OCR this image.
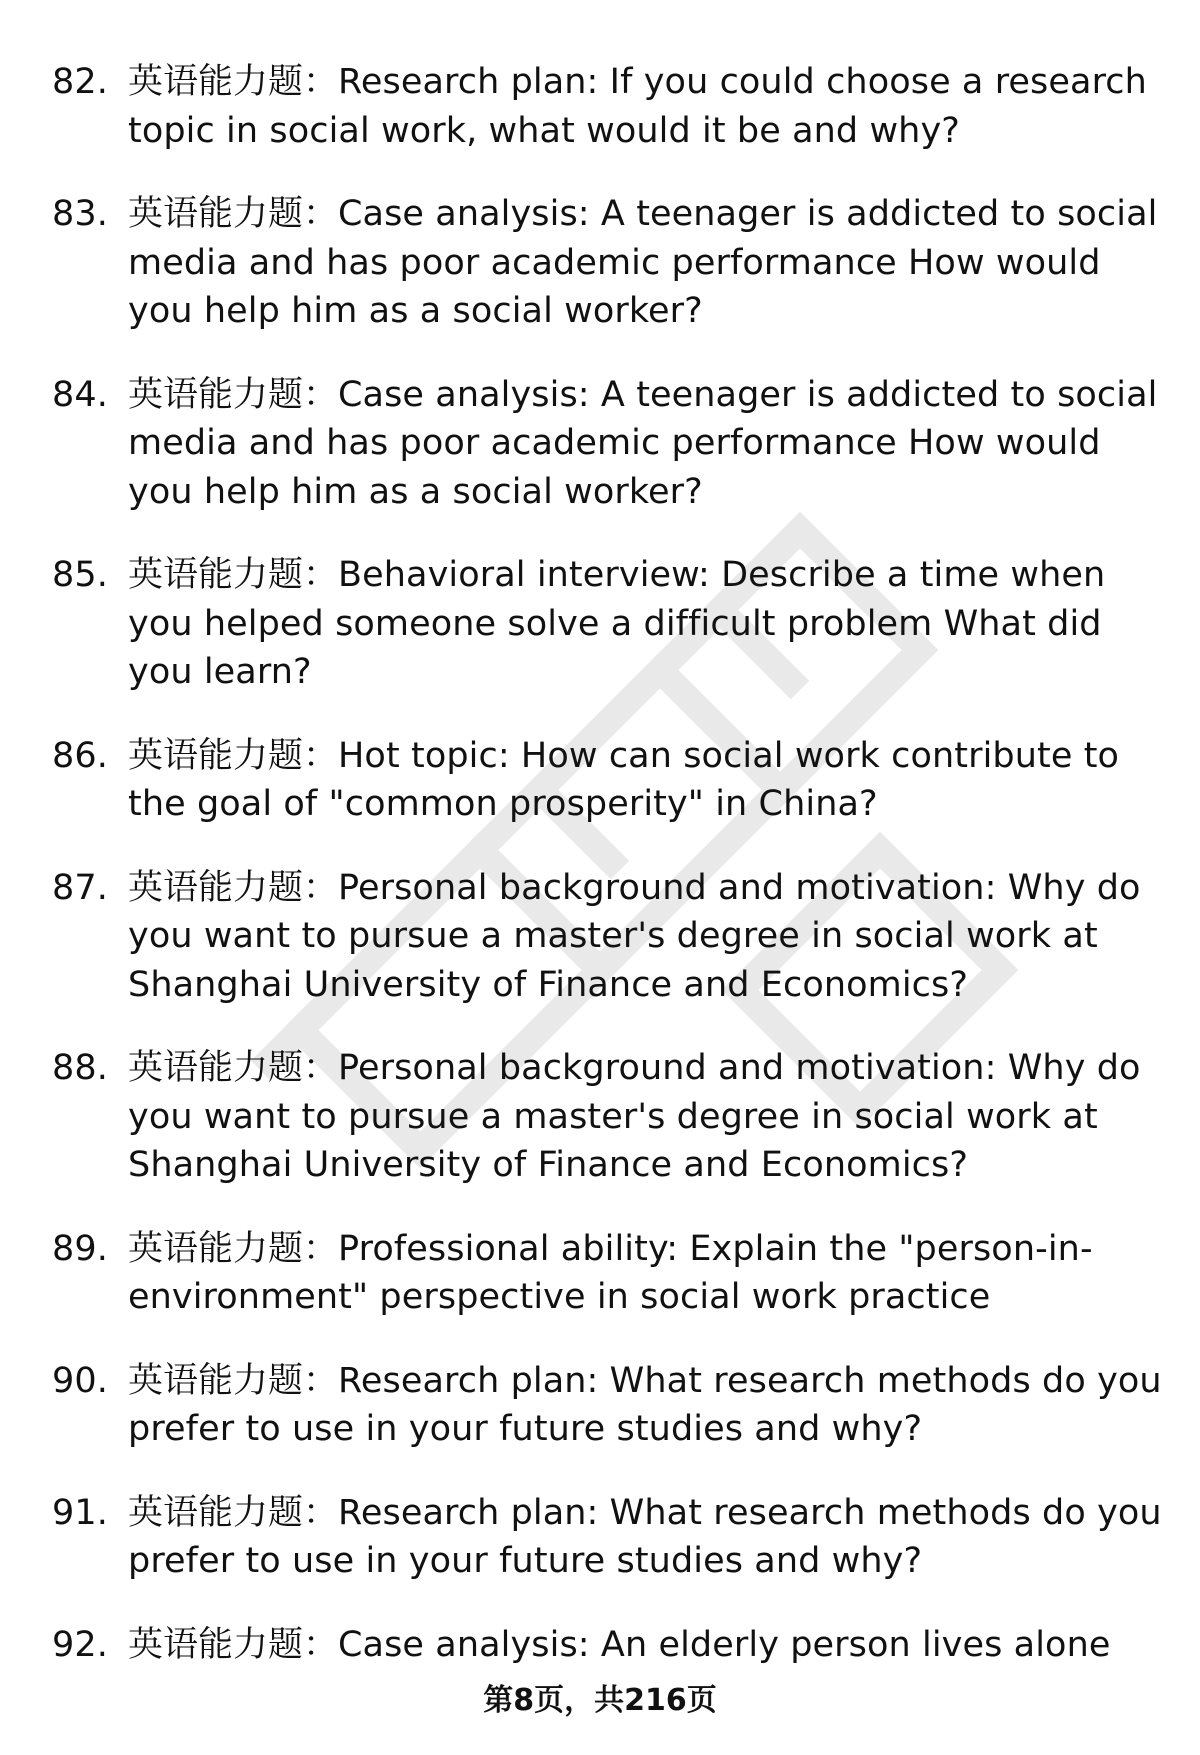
82. 英语能力题：Research plan: If you could choose a research topic in social work, what would it be and why?
83. 英语能力题：Case analysis: A teenager is addicted to social media and has poor academic performance How would you help him as a social worker?
84. 英语能力题：Case analysis: A teenager is addicted to social media and has poor academic performance How would you help him as a social worker?
85. 英语能力题：Behavioral interview: Describe a time when you helped someone solve a difficult problem What did you learn?
86. 英语能力题：Hot topic: How can social work contribute to the goal of "common prosperity" in China?
87. 英语能力题：Personal background and motivation: Why do you want to pursue a master's degree in social work at Shanghai University of Finance and Economics?
88. 英语能力题：Personal background and motivation: Why do you want to pursue a master's degree in social work at Shanghai University of Finance and Economics?
89. 英语能力题：Professional ability: Explain the "person-in-environment" perspective in social work practice
90. 英语能力题：Research plan: What research methods do you prefer to use in your future studies and why?
91. 英语能力题：Research plan: What research methods do you prefer to use in your future studies and why?
92. 英语能力题：Case analysis: An elderly person lives alone
第8页，共216页
